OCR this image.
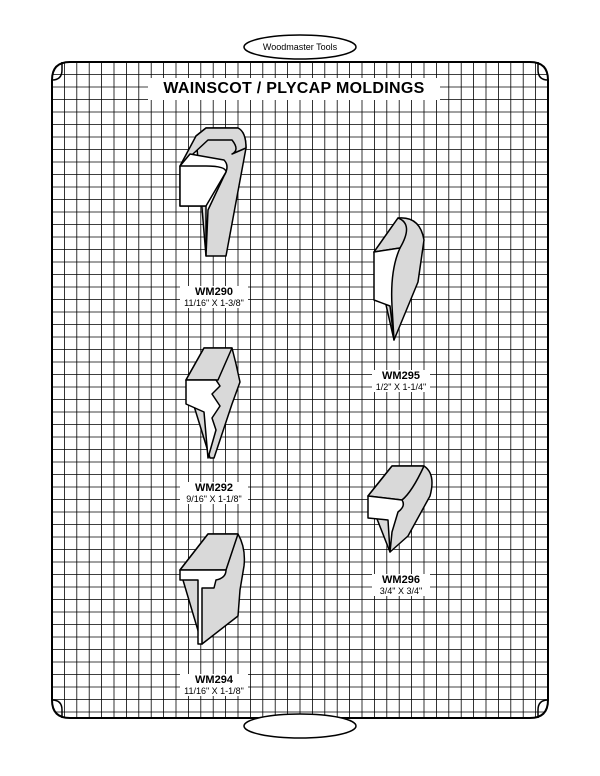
Woodmaster Tools
WAINSCOT / PLYCAP MOLDINGS
WM290
11/16" X 1-3/8"
WM292
9/16" X 1-1/8"
WM294
11/16" X 1-1/8"
WM295
1/2" X 1-1/4"
WM296
3/4" X 3/4"
